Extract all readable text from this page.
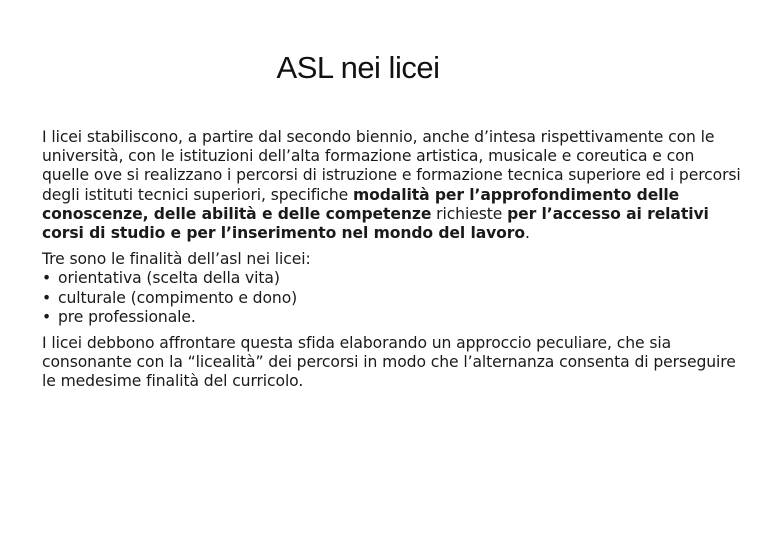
ASL nei licei

I licei stabiliscono, a partire dal secondo biennio, anche d’intesa rispettivamente con le università, con le istituzioni dell’alta formazione artistica, musicale e coreutica e con quelle ove si realizzano i percorsi di istruzione e formazione tecnica superiore ed i percorsi degli istituti tecnici superiori, specifiche modalità per l’approfondimento delle conoscenze, delle abilità e delle competenze richieste per l’accesso ai relativi corsi di studio e per l’inserimento nel mondo del lavoro.

Tre sono le finalità dell’asl nei licei:

• orientativa (scelta della vita)

• culturale (compimento e dono)

• pre professionale.

I licei debbono affrontare questa sfida elaborando un approccio peculiare, che sia consonante con la “licealità” dei percorsi in modo che l’alternanza consenta di perseguire le medesime finalità del curricolo.
